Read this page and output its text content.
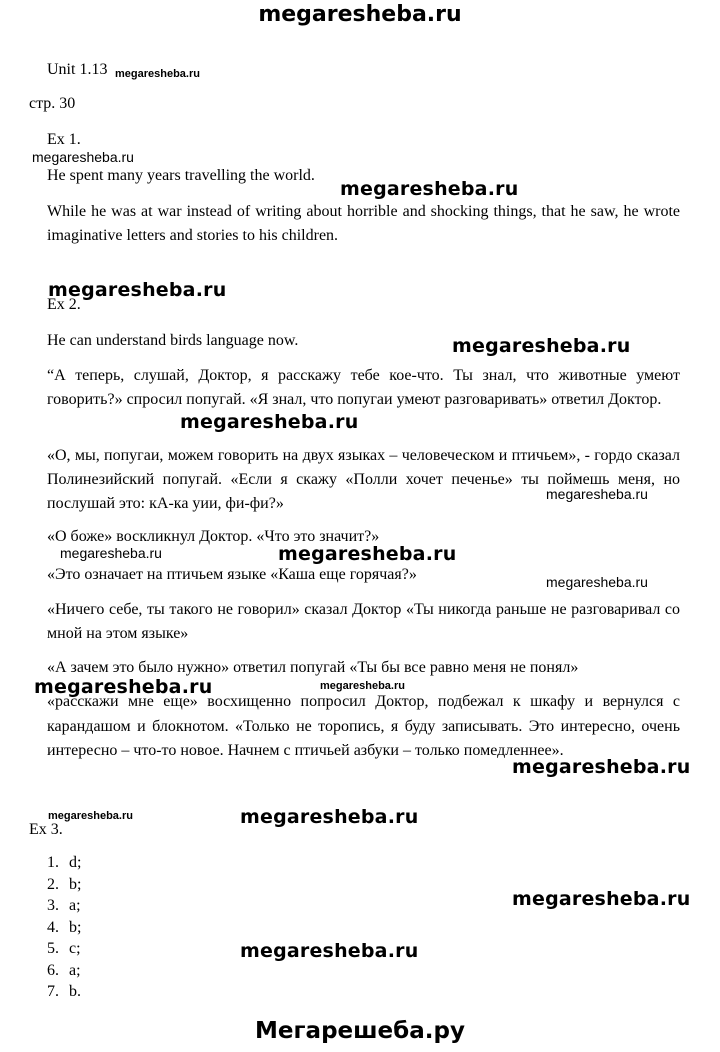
megaresheba.ru
Unit 1.13 megaresheba.ru
стр. 30
Ex 1.
megaresheba.ru
He spent many years travelling the world.
megaresheba.ru
While he was at war instead of writing about horrible and shocking things, that he saw, he wrote imaginative letters and stories to his children.
megaresheba.ru
Ex 2.
He can understand birds language now.	megaresheba.ru
“А теперь, слушай, Доктор, я расскажу тебе кое-что. Ты знал, что животные умеют говорить?» спросил попугай. «Я знал, что попугаи умеют разговаривать» ответил Доктор.
megaresheba.ru
«О, мы, попугаи, можем говорить на двух языках – человеческом и птичьем», - гордо сказал Полинезийский попугай. «Если я скажу «Полли хочет печенье» ты поймешь меня, но послушай это: кА-ка уии, фи-фи?»
megaresheba.ru
«О боже» воскликнул Доктор. «Что это значит?»
megaresheba.ru	megaresheba.ru
«Это означает на птичьем языке «Каша еще горячая?»	megaresheba.ru
«Ничего себе, ты такого не говорил» сказал Доктор «Ты никогда раньше не разговаривал со мной на этом языке»
«А зачем это было нужно» ответил попугай «Ты бы все равно меня не понял»
megaresheba.ru	megaresheba.ru
«расскажи мне еще» восхищенно попросил Доктор, подбежал к шкафу и вернулся с карандашом и блокнотом. «Только не торопись, я буду записывать. Это интересно, очень интересно – что-то новое. Начнем с птичьей азбуки – только помедленнее».
megaresheba.ru
megaresheba.ru	megaresheba.ru
Ex 3.
1. d;
2. b;
3. a;
4. b;
5. c;
6. a;
7. b.
megaresheba.ru
megaresheba.ru
Мегарешеба.ру
